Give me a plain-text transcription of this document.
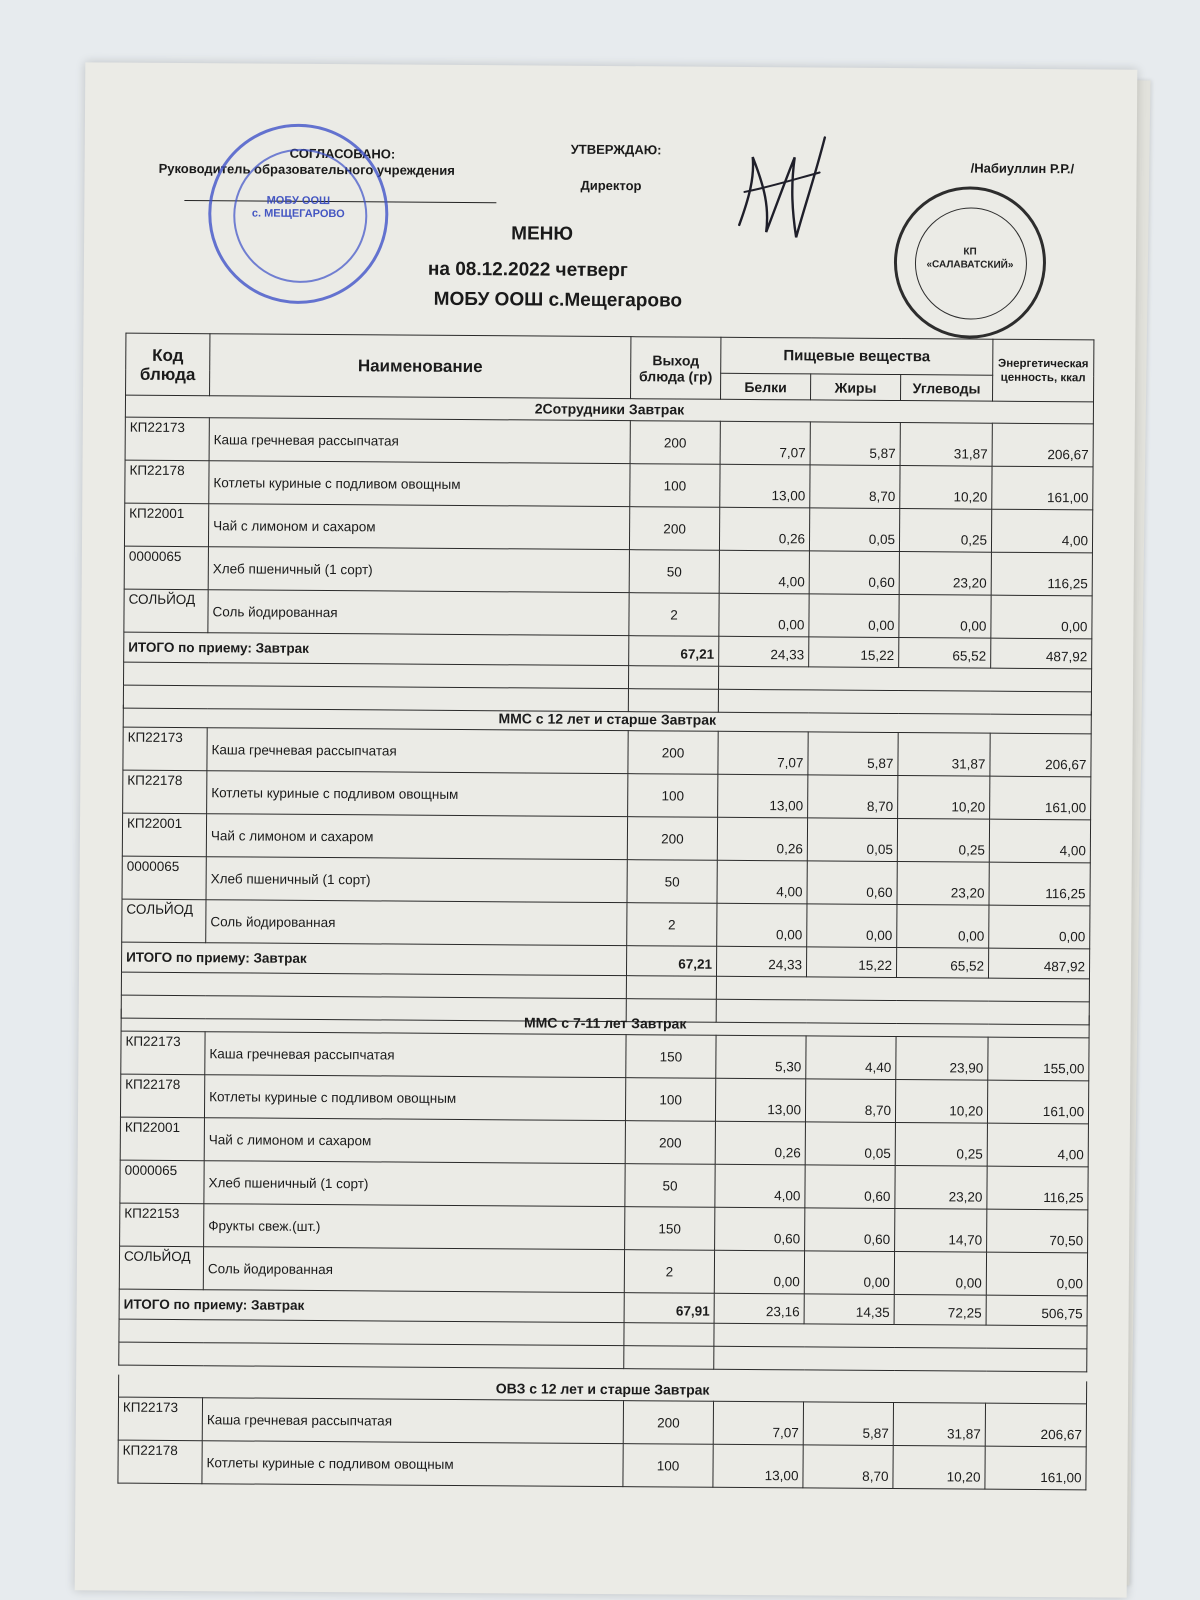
СОГЛАСОВАНО:
Руководитель образовательного учреждения
УТВЕРЖДАЮ:
Директор
/Набиуллин Р.Р./
МЕНЮ
на 08.12.2022 четверг
МОБУ ООШ с.Мещегарово
МОБУ ООШ
с. МЕЩЕГАРОВО
КП
«САЛАВАТСКИЙ»
Код блюда	Наименование	Выход блюда (гр)	Пищевые вещества			Энергетическая ценность, ккал
			Белки	Жиры	Углеводы	
2Сотрудники Завтрак						
КП22173	Каша гречневая рассыпчатая	200	7,07	5,87	31,87	206,67
КП22178	Котлеты куриные с подливом овощным	100	13,00	8,70	10,20	161,00
КП22001	Чай с лимоном и сахаром	200	0,26	0,05	0,25	4,00
0000065	Хлеб пшеничный (1 сорт)	50	4,00	0,60	23,20	116,25
СОЛЬЙОД	Соль йодированная	2	0,00	0,00	0,00	0,00
ИТОГО по приему: Завтрак		67,21	24,33	15,22	65,52	487,92

ММС с 12 лет и старше Завтрак						
КП22173	Каша гречневая рассыпчатая	200	7,07	5,87	31,87	206,67
КП22178	Котлеты куриные с подливом овощным	100	13,00	8,70	10,20	161,00
КП22001	Чай с лимоном и сахаром	200	0,26	0,05	0,25	4,00
0000065	Хлеб пшеничный (1 сорт)	50	4,00	0,60	23,20	116,25
СОЛЬЙОД	Соль йодированная	2	0,00	0,00	0,00	0,00
ИТОГО по приему: Завтрак		67,21	24,33	15,22	65,52	487,92

ММС с 7-11 лет Завтрак						
КП22173	Каша гречневая рассыпчатая	150	5,30	4,40	23,90	155,00
КП22178	Котлеты куриные с подливом овощным	100	13,00	8,70	10,20	161,00
КП22001	Чай с лимоном и сахаром	200	0,26	0,05	0,25	4,00
0000065	Хлеб пшеничный (1 сорт)	50	4,00	0,60	23,20	116,25
КП22153	Фрукты свеж.(шт.)	150	0,60	0,60	14,70	70,50
СОЛЬЙОД	Соль йодированная	2	0,00	0,00	0,00	0,00
ИТОГО по приему: Завтрак		67,91	23,16	14,35	72,25	506,75

ОВЗ с 12 лет и старше Завтрак						
КП22173	Каша гречневая рассыпчатая	200	7,07	5,87	31,87	206,67
КП22178	Котлеты куриные с подливом овощным	100	13,00	8,70	10,20	161,00
